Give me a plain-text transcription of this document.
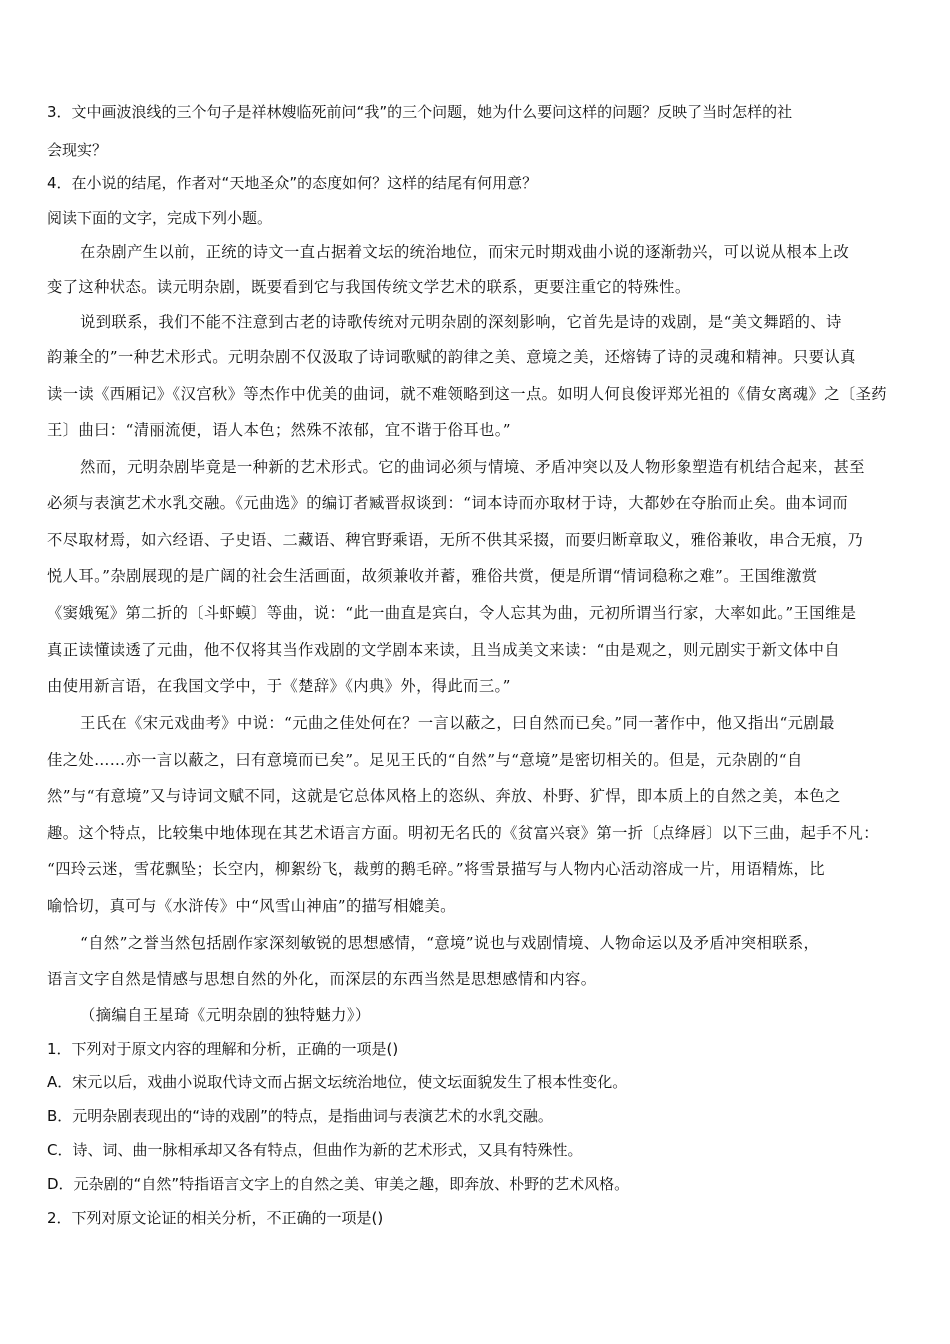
3．文中画波浪线的三个句子是祥林嫂临死前问“我”的三个问题，她为什么要问这样的问题？反映了当时怎样的社
会现实？
4．在小说的结尾，作者对“天地圣众”的态度如何？这样的结尾有何用意？
阅读下面的文字，完成下列小题。
在杂剧产生以前，正统的诗文一直占据着文坛的统治地位，而宋元时期戏曲小说的逐渐勃兴，可以说从根本上改
变了这种状态。读元明杂剧，既要看到它与我国传统文学艺术的联系，更要注重它的特殊性。
说到联系，我们不能不注意到古老的诗歌传统对元明杂剧的深刻影响，它首先是诗的戏剧，是“美文舞蹈的、诗
韵兼全的”一种艺术形式。元明杂剧不仅汲取了诗词歌赋的韵律之美、意境之美，还熔铸了诗的灵魂和精神。只要认真
读一读《西厢记》《汉宫秋》等杰作中优美的曲词，就不难领略到这一点。如明人何良俊评郑光祖的《倩女离魂》之〔圣药
王〕曲曰：“清丽流便，语人本色；然殊不浓郁，宜不谐于俗耳也。”
然而，元明杂剧毕竟是一种新的艺术形式。它的曲词必须与情境、矛盾冲突以及人物形象塑造有机结合起来，甚至
必须与表演艺术水乳交融。《元曲选》的编订者臧晋叔谈到：“词本诗而亦取材于诗，大都妙在夺胎而止矣。曲本词而
不尽取材焉，如六经语、子史语、二藏语、稗官野乘语，无所不供其采掇，而要归断章取义，雅俗兼收，串合无痕，乃
悦人耳。”杂剧展现的是广阔的社会生活画面，故须兼收并蓄，雅俗共赏，便是所谓“情词稳称之难”。王国维激赏
《窦娥冤》第二折的〔斗虾蟆〕等曲，说：“此一曲直是宾白，令人忘其为曲，元初所谓当行家，大率如此。”王国维是
真正读懂读透了元曲，他不仅将其当作戏剧的文学剧本来读，且当成美文来读：“由是观之，则元剧实于新文体中自
由使用新言语，在我国文学中，于《楚辞》《内典》外，得此而三。”
王氏在《宋元戏曲考》中说：“元曲之佳处何在？一言以蔽之，曰自然而已矣。”同一著作中，他又指出“元剧最
佳之处……亦一言以蔽之，曰有意境而已矣”。足见王氏的“自然”与“意境”是密切相关的。但是，元杂剧的“自
然”与“有意境”又与诗词文赋不同，这就是它总体风格上的恣纵、奔放、朴野、犷悍，即本质上的自然之美，本色之
趣。这个特点，比较集中地体现在其艺术语言方面。明初无名氏的《贫富兴衰》第一折〔点绛唇〕以下三曲，起手不凡：
“四玲云迷，雪花飘坠；长空内，柳絮纷飞，裁剪的鹅毛碎。”将雪景描写与人物内心活动溶成一片，用语精炼，比
喻恰切，真可与《水浒传》中“风雪山神庙”的描写相媲美。
“自然”之誉当然包括剧作家深刻敏锐的思想感情，“意境”说也与戏剧情境、人物命运以及矛盾冲突相联系，
语言文字自然是情感与思想自然的外化，而深层的东西当然是思想感情和内容。
（摘编自王星琦《元明杂剧的独特魅力》）
1．下列对于原文内容的理解和分析，正确的一项是()
A．宋元以后，戏曲小说取代诗文而占据文坛统治地位，使文坛面貌发生了根本性变化。
B．元明杂剧表现出的“诗的戏剧”的特点，是指曲词与表演艺术的水乳交融。
C．诗、词、曲一脉相承却又各有特点，但曲作为新的艺术形式，又具有特殊性。
D．元杂剧的“自然”特指语言文字上的自然之美、审美之趣，即奔放、朴野的艺术风格。
2．下列对原文论证的相关分析，不正确的一项是()
